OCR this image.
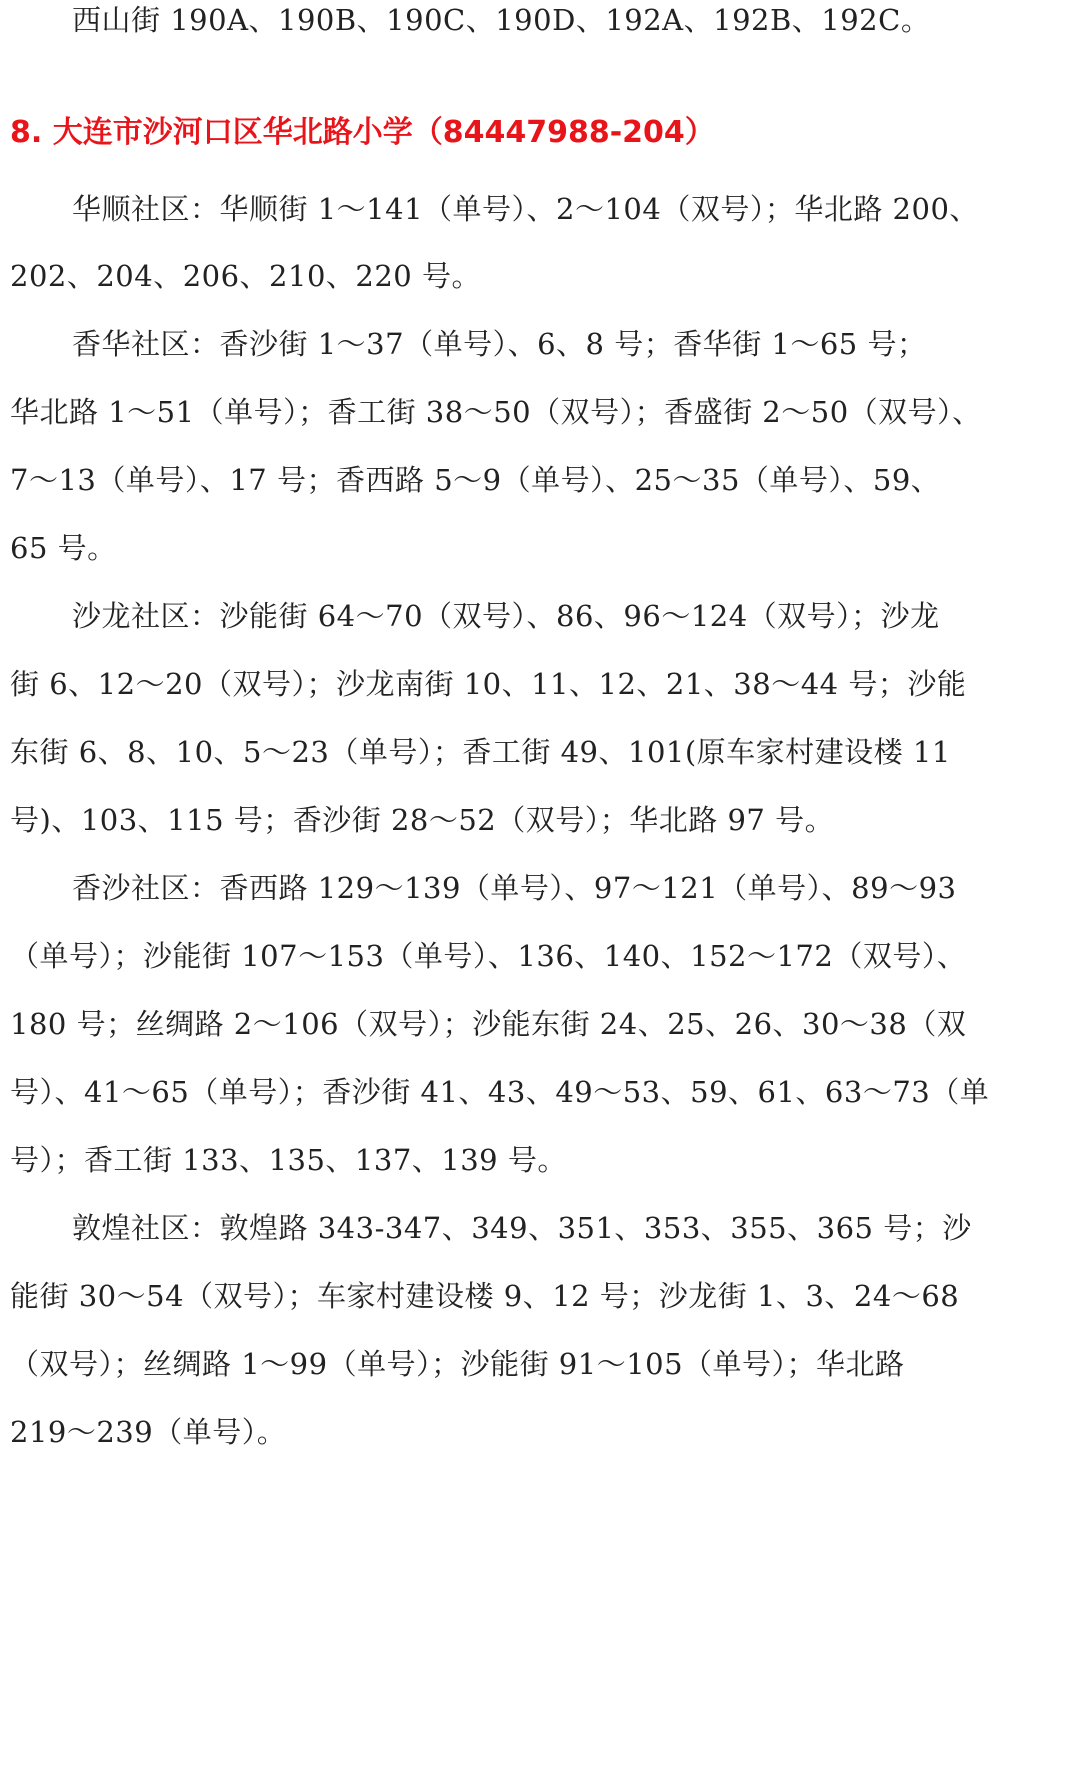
西山街 190A、190B、190C、190D、192A、192B、192C。
8. 大连市沙河口区华北路小学（84447988-204）
华顺社区：华顺街 1～141（单号）、2～104（双号）；华北路 200、
202、204、206、210、220 号。
香华社区：香沙街 1～37（单号）、6、8 号；香华街 1～65 号；
华北路 1～51（单号）；香工街 38～50（双号）；香盛街 2～50（双号）、
7～13（单号）、17 号；香西路 5～9（单号）、25～35（单号）、59、
65 号。
沙龙社区：沙能街 64～70（双号）、86、96～124（双号）；沙龙
街 6、12～20（双号）；沙龙南街 10、11、12、21、38～44 号；沙能
东街 6、8、10、5～23（单号）；香工街 49、101(原车家村建设楼 11
号)、103、115 号；香沙街 28～52（双号）；华北路 97 号。
香沙社区：香西路 129～139（单号）、97～121（单号）、89～93
（单号）；沙能街 107～153（单号）、136、140、152～172（双号）、
180 号；丝绸路 2～106（双号）；沙能东街 24、25、26、30～38（双
号）、41～65（单号）；香沙街 41、43、49～53、59、61、63～73（单
号）；香工街 133、135、137、139 号。
敦煌社区：敦煌路 343-347、349、351、353、355、365 号；沙
能街 30～54（双号）；车家村建设楼 9、12 号；沙龙街 1、3、24～68
（双号）；丝绸路 1～99（单号）；沙能街 91～105（单号）；华北路
219～239（单号）。
